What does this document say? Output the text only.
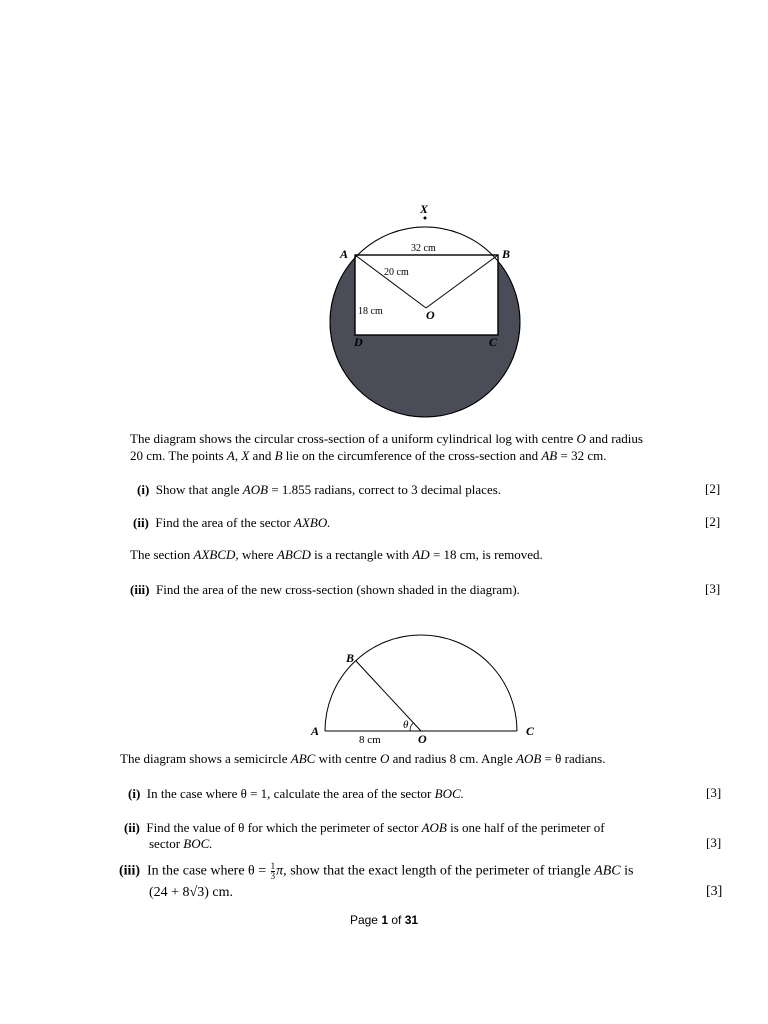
X
A	B
D	C
O
32 cm
20 cm
18 cm
The diagram shows the circular cross-section of a uniform cylindrical log with centre O and radius
20 cm. The points A, X and B lie on the circumference of the cross-section and AB = 32 cm.
(i) Show that angle AOB = 1.855 radians, correct to 3 decimal places.	[2]
(ii) Find the area of the sector AXBO.	[2]
The section AXBCD, where ABCD is a rectangle with AD = 18 cm, is removed.
(iii) Find the area of the new cross-section (shown shaded in the diagram).	[3]
A
B
C
O
θ
8 cm
The diagram shows a semicircle ABC with centre O and radius 8 cm. Angle AOB = θ radians.
(i) In the case where θ = 1, calculate the area of the sector BOC.	[3]
(ii) Find the value of θ for which the perimeter of sector AOB is one half of the perimeter of
sector BOC.	[3]
(iii) In the case where $\theta = \frac{1}{3} \pi$, show that the exact length of the perimeter of triangle ABC is
(24 + 8√3) cm.	[3]
Page 1 of 31
